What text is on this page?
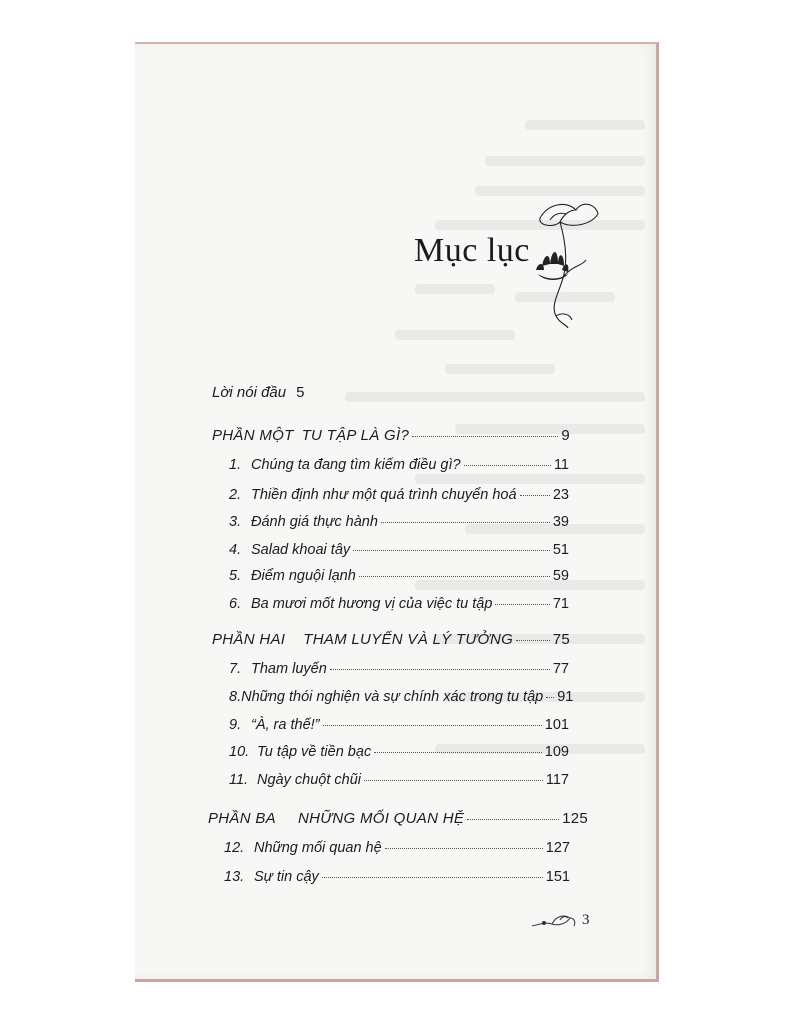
Mục lục
Lời nói đầu 5
PHẦN MỘT TU TẬP LÀ GÌ?	9
1. Chúng ta đang tìm kiếm điều gì?	11
2. Thiền định như một quá trình chuyển hoá	23
3. Đánh giá thực hành	39
4. Salad khoai tây	51
5. Điểm nguội lạnh	59
6. Ba mươi mốt hương vị của việc tu tập	71
PHẦN HAI THAM LUYẾN VÀ LÝ TƯỞNG	75
7. Tham luyến	77
8. Những thói nghiện và sự chính xác trong tu tập 91
9. “À, ra thế!”	101
10. Tu tập về tiền bạc	109
11. Ngày chuột chũi	117
PHẦN BA NHỮNG MỐI QUAN HỆ	125
12. Những mối quan hệ	127
13. Sự tin cậy	151
3
